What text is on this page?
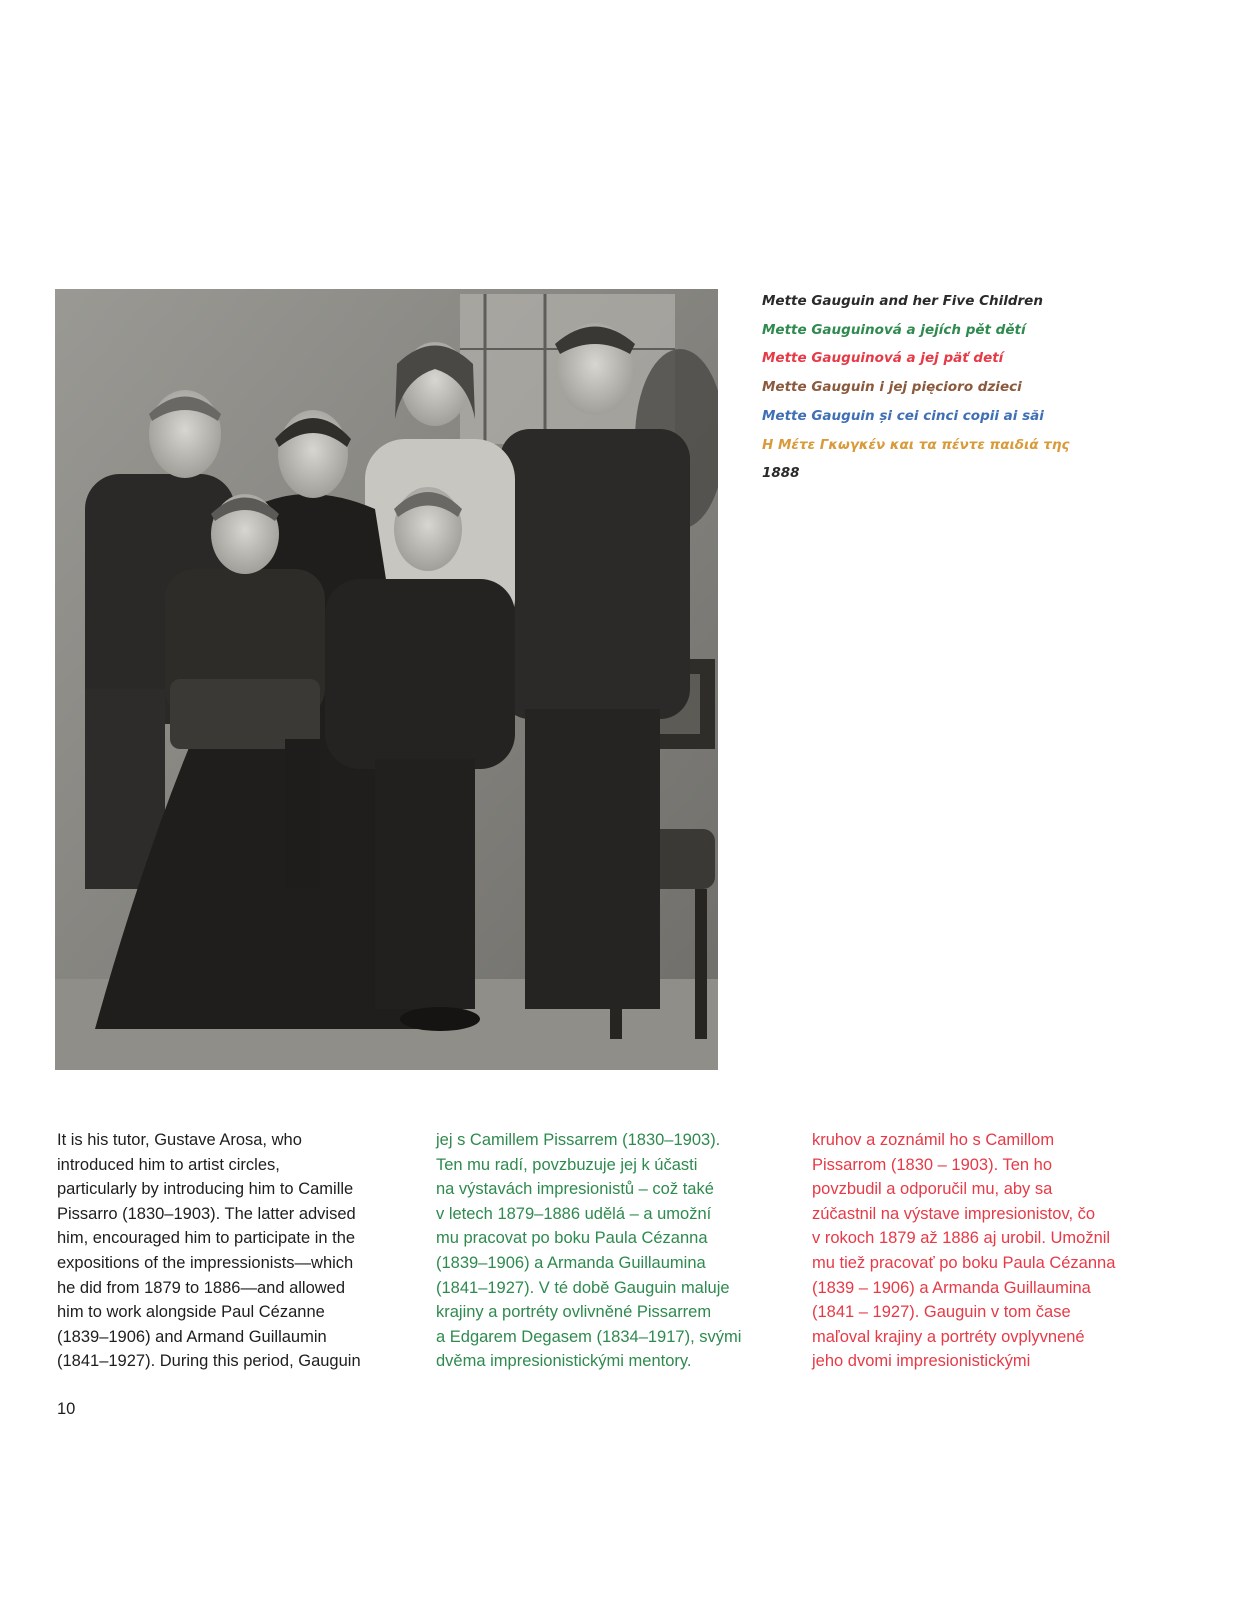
Mette Gauguin and her Five Children
Mette Gauguinová a jejích pět dětí
Mette Gauguinová a jej päť detí
Mette Gauguin i jej pięcioro dzieci
Mette Gauguin și cei cinci copii ai săi
Η Μέτε Γκωγκέν και τα πέντε παιδιά της
1888
It is his tutor, Gustave Arosa, who
introduced him to artist circles,
particularly by introducing him to Camille
Pissarro (1830–1903). The latter advised
him, encouraged him to participate in the
expositions of the impressionists—which
he did from 1879 to 1886—and allowed
him to work alongside Paul Cézanne
(1839–1906) and Armand Guillaumin
(1841–1927). During this period, Gauguin
jej s Camillem Pissarrem (1830–1903).
Ten mu radí, povzbuzuje jej k účasti
na výstavách impresionistů – což také
v letech 1879–1886 udělá – a umožní
mu pracovat po boku Paula Cézanna
(1839–1906) a Armanda Guillaumina
(1841–1927). V té době Gauguin maluje
krajiny a portréty ovlivněné Pissarrem
a Edgarem Degasem (1834–1917), svými
dvěma impresionistickými mentory.
kruhov a zoznámil ho s Camillom
Pissarrom (1830 – 1903). Ten ho
povzbudil a odporučil mu, aby sa
zúčastnil na výstave impresionistov, čo
v rokoch 1879 až 1886 aj urobil. Umožnil
mu tiež pracovať po boku Paula Cézanna
(1839 – 1906) a Armanda Guillaumina
(1841 – 1927). Gauguin v tom čase
maľoval krajiny a portréty ovplyvnené
jeho dvomi impresionistickými
10
